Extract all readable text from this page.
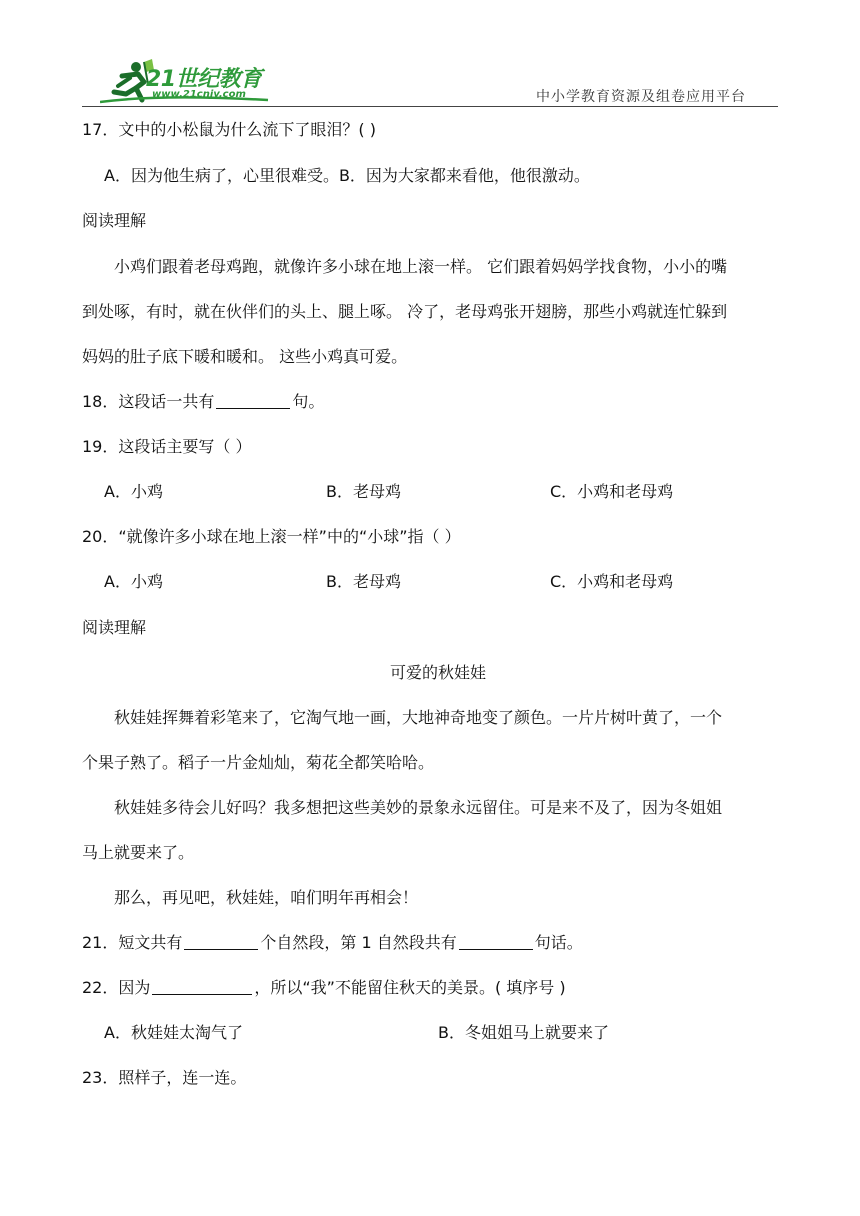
21世纪教育
www.21cnjy.com	中小学教育资源及组卷应用平台
17．文中的小松鼠为什么流下了眼泪？( )
A．因为他生病了，心里很难受。B．因为大家都来看他，他很激动。
阅读理解
小鸡们跟着老母鸡跑，就像许多小球在地上滚一样。 它们跟着妈妈学找食物，小小的嘴
到处啄，有时，就在伙伴们的头上、腿上啄。 冷了，老母鸡张开翅膀，那些小鸡就连忙躲到
妈妈的肚子底下暖和暖和。 这些小鸡真可爱。
18．这段话一共有	句。
19．这段话主要写（ ）
A．小鸡	B．老母鸡	C．小鸡和老母鸡
20．“就像许多小球在地上滚一样”中的“小球”指（ ）
A．小鸡	B．老母鸡	C．小鸡和老母鸡
阅读理解
可爱的秋娃娃
秋娃娃挥舞着彩笔来了，它淘气地一画，大地神奇地变了颜色。一片片树叶黄了，一个
个果子熟了。稻子一片金灿灿，菊花全都笑哈哈。
秋娃娃多待会儿好吗？我多想把这些美妙的景象永远留住。可是来不及了，因为冬姐姐
马上就要来了。
那么，再见吧，秋娃娃，咱们明年再相会！
21．短文共有	个自然段，第 1 自然段共有	句话。
22．因为	，所以“我”不能留住秋天的美景。( 填序号 )
A．秋娃娃太淘气了	B．冬姐姐马上就要来了
23．照样子，连一连。
